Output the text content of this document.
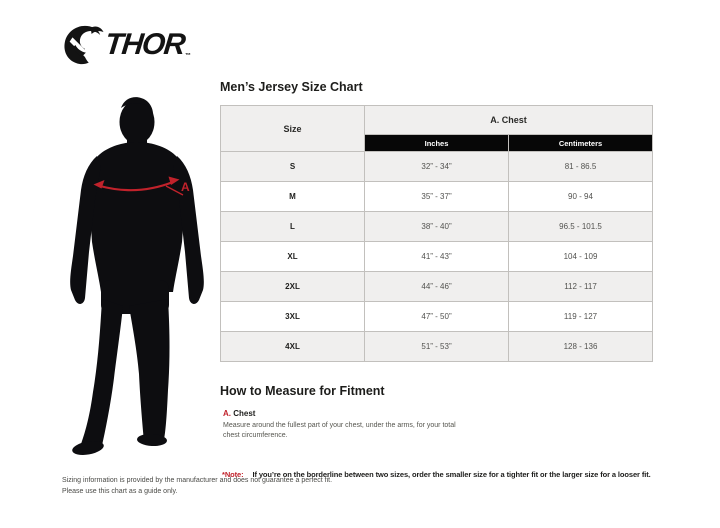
THOR ™
A
Men’s Jersey Size Chart
Size	A. Chest	
	Inches	Centimeters
S	32” - 34”	81 - 86.5
M	35” - 37”	90 - 94
L	38” - 40”	96.5 - 101.5
XL	41” - 43”	104 - 109
2XL	44” - 46”	112 - 117
3XL	47” - 50”	119 - 127
4XL	51” - 53”	128 - 136
How to Measure for Fitment
A. Chest
Measure around the fullest part of your chest, under the arms, for your total chest circumference.
*Note: If you’re on the borderline between two sizes, order the smaller size for a tighter fit or the larger size for a looser fit.
Sizing information is provided by the manufacturer and does not guarantee a perfect fit.
Please use this chart as a guide only.
